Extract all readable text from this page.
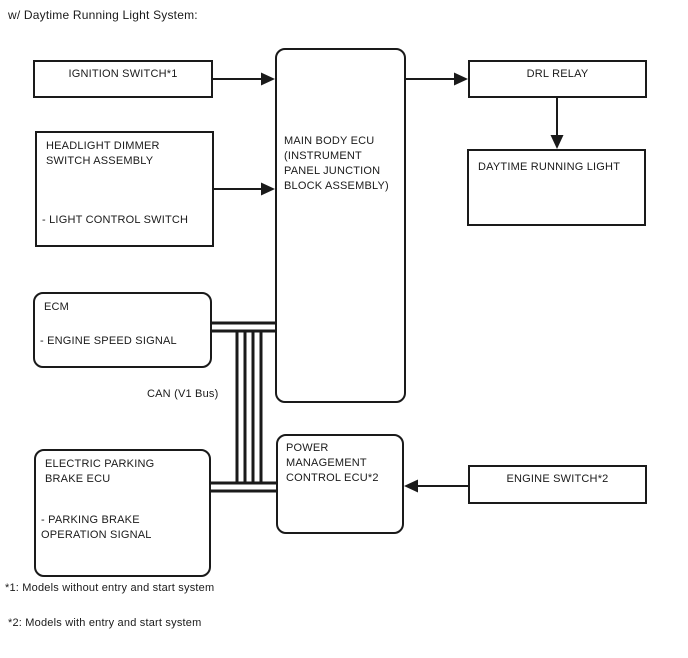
w/ Daytime Running Light System:
IGNITION SWITCH*1
HEADLIGHT DIMMER SWITCH ASSEMBLY
- LIGHT CONTROL SWITCH
MAIN BODY ECU (INSTRUMENT PANEL JUNCTION BLOCK ASSEMBLY)
DRL RELAY
DAYTIME RUNNING LIGHT
ECM
- ENGINE SPEED SIGNAL
ELECTRIC PARKING BRAKE ECU
- PARKING BRAKE OPERATION SIGNAL
POWER MANAGEMENT CONTROL ECU*2	ENGINE SWITCH*2
CAN (V1 Bus)
*1: Models without entry and start system
*2: Models with entry and start system
